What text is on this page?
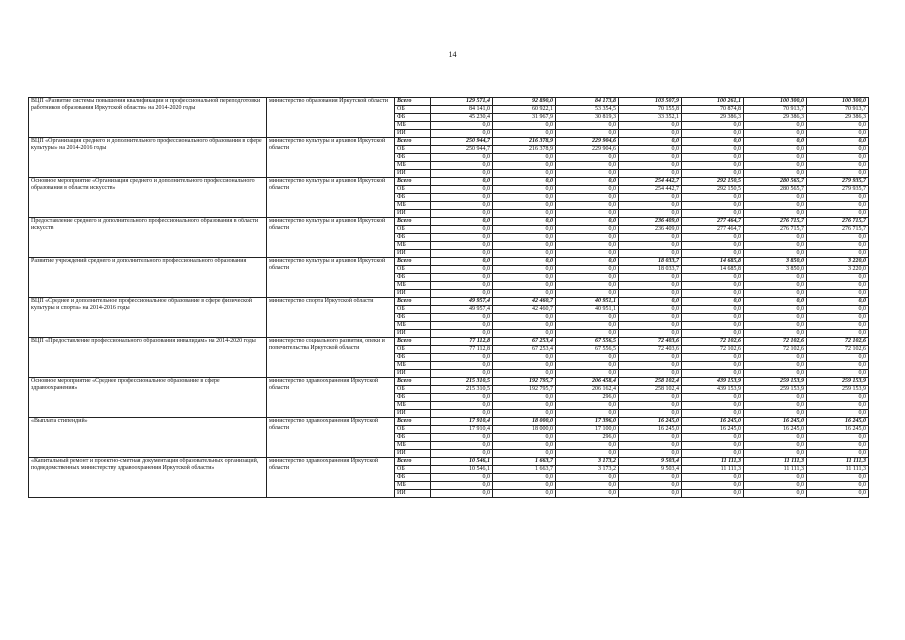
14
ВЦП «Развитие системы повышения квалификации и профессиональной переподготовки работников образования Иркутской области» на 2014-2020 годы	министерство образования Иркутской области	Всего	129 571,4	92 890,0	84 173,8	103 507,9	100 261,1	100 300,0	100 300,0
		ОБ	84 141,0	60 922,1	53 354,5	70 155,8	70 874,8	70 913,7	70 913,7
		ФБ	45 230,4	31 967,9	30 819,3	33 352,1	29 386,3	29 386,3	29 386,3
		МБ	0,0	0,0	0,0	0,0	0,0	0,0	0,0
		ИИ	0,0	0,0	0,0	0,0	0,0	0,0	0,0
ВЦП «Организация среднего и дополнительного профессионального образования в сфере культуры» на 2014-2016 годы	министерство культуры и архивов Иркутской области	Всего	250 944,7	216 378,9	229 904,6	0,0	0,0	0,0	0,0
		ОБ	250 944,7	216 378,9	229 904,6	0,0	0,0	0,0	0,0
		ФБ	0,0	0,0	0,0	0,0	0,0	0,0	0,0
		МБ	0,0	0,0	0,0	0,0	0,0	0,0	0,0
		ИИ	0,0	0,0	0,0	0,0	0,0	0,0	0,0
Основное мероприятие «Организация среднего и дополнительного профессионального образования в области искусств»	министерство культуры и архивов Иркутской области	Всего	0,0	0,0	0,0	254 442,7	292 150,5	280 565,7	279 935,7
		ОБ	0,0	0,0	0,0	254 442,7	292 150,5	280 565,7	279 935,7
		ФБ	0,0	0,0	0,0	0,0	0,0	0,0	0,0
		МБ	0,0	0,0	0,0	0,0	0,0	0,0	0,0
		ИИ	0,0	0,0	0,0	0,0	0,0	0,0	0,0
Предоставление среднего и дополнительного профессионального образования в области искусств	министерство культуры и архивов Иркутской области	Всего	0,0	0,0	0,0	236 409,0	277 464,7	276 715,7	276 715,7
		ОБ	0,0	0,0	0,0	236 409,0	277 464,7	276 715,7	276 715,7
		ФБ	0,0	0,0	0,0	0,0	0,0	0,0	0,0
		МБ	0,0	0,0	0,0	0,0	0,0	0,0	0,0
		ИИ	0,0	0,0	0,0	0,0	0,0	0,0	0,0
Развитие учреждений среднего и дополнительного профессионального образования	министерство культуры и архивов Иркутской области	Всего	0,0	0,0	0,0	18 033,7	14 685,8	3 850,0	3 220,0
		ОБ	0,0	0,0	0,0	18 033,7	14 685,8	3 850,0	3 220,0
		ФБ	0,0	0,0	0,0	0,0	0,0	0,0	0,0
		МБ	0,0	0,0	0,0	0,0	0,0	0,0	0,0
		ИИ	0,0	0,0	0,0	0,0	0,0	0,0	0,0
ВЦП «Среднее и дополнительное профессиональное образование в сфере физической культуры и спорта» на 2014-2016 годы	министерство спорта Иркутской области	Всего	49 957,4	42 460,7	40 951,1	0,0	0,0	0,0	0,0
		ОБ	49 957,4	42 460,7	40 951,1	0,0	0,0	0,0	0,0
		ФБ	0,0	0,0	0,0	0,0	0,0	0,0	0,0
		МБ	0,0	0,0	0,0	0,0	0,0	0,0	0,0
		ИИ	0,0	0,0	0,0	0,0	0,0	0,0	0,0
ВЦП «Предоставление профессионального образования инвалидам» на 2014-2020 годы	министерство социального развития, опеки и попечительства Иркутской области	Всего	77 112,8	67 253,4	67 556,5	72 403,6	72 102,6	72 102,6	72 102,6
		ОБ	77 112,8	67 253,4	67 556,5	72 403,6	72 102,6	72 102,6	72 102,6
		ФБ	0,0	0,0	0,0	0,0	0,0	0,0	0,0
		МБ	0,0	0,0	0,0	0,0	0,0	0,0	0,0
		ИИ	0,0	0,0	0,0	0,0	0,0	0,0	0,0
Основное мероприятие «Среднее профессиональное образование в сфере здравоохранения»	министерство здравоохранения Иркутской области	Всего	215 310,5	192 795,7	206 458,4	258 102,4	439 153,9	259 153,9	259 153,9
		ОБ	215 310,5	192 795,7	206 162,4	258 102,4	439 153,9	259 153,9	259 153,9
		ФБ	0,0	0,0	296,0	0,0	0,0	0,0	0,0
		МБ	0,0	0,0	0,0	0,0	0,0	0,0	0,0
		ИИ	0,0	0,0	0,0	0,0	0,0	0,0	0,0
«Выплата стипендий»	министерство здравоохранения Иркутской области	Всего	17 910,4	18 000,0	17 396,0	16 245,0	16 245,0	16 245,0	16 245,0
		ОБ	17 910,4	18 000,0	17 100,0	16 245,0	16 245,0	16 245,0	16 245,0
		ФБ	0,0	0,0	296,0	0,0	0,0	0,0	0,0
		МБ	0,0	0,0	0,0	0,0	0,0	0,0	0,0
		ИИ	0,0	0,0	0,0	0,0	0,0	0,0	0,0
«Капитальный ремонт и проектно-сметная документация образовательных организаций, подведомственных министерству здравоохранения Иркутской области»	министерство здравоохранения Иркутской области	Всего	10 546,1	1 663,7	3 173,2	9 503,4	11 111,3	11 111,3	11 111,3
		ОБ	10 546,1	1 663,7	3 173,2	9 503,4	11 111,3	11 111,3	11 111,3
		ФБ	0,0	0,0	0,0	0,0	0,0	0,0	0,0
		МБ	0,0	0,0	0,0	0,0	0,0	0,0	0,0
		ИИ	0,0	0,0	0,0	0,0	0,0	0,0	0,0
